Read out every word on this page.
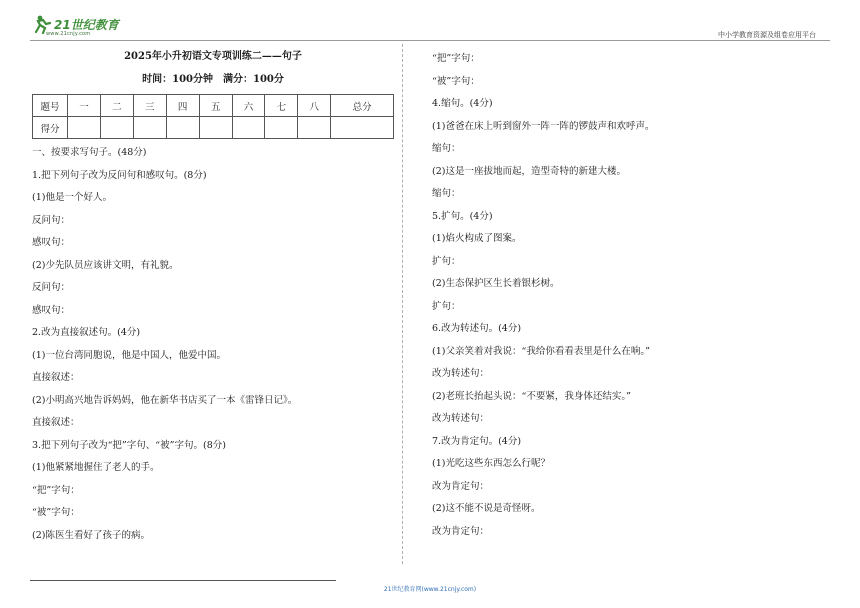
21世纪教育
www.21cnjy.com	中小学教育资源及组卷应用平台
2025年小升初语文专项训练二——句子
时间：100分钟　满分：100分
题号	一	二	三	四	五	六	七	八	总分
得分									
一、按要求写句子。(48分)
1.把下列句子改为反问句和感叹句。(8分)
(1)他是一个好人。
反问句：
感叹句：
(2)少先队员应该讲文明，有礼貌。
反问句：
感叹句：
2.改为直接叙述句。(4分)
(1)一位台湾同胞说，他是中国人，他爱中国。
直接叙述：
(2)小明高兴地告诉妈妈，他在新华书店买了一本《雷锋日记》。
直接叙述：
3.把下列句子改为“把”字句、“被”字句。(8分)
(1)他紧紧地握住了老人的手。
“把”字句：
“被”字句：
(2)陈医生看好了孩子的病。
“把”字句：
“被”字句：
4.缩句。(4分)
(1)爸爸在床上听到窗外一阵一阵的锣鼓声和欢呼声。
缩句：
(2)这是一座拔地而起，造型奇特的新建大楼。
缩句：
5.扩句。(4分)
(1)焰火构成了图案。
扩句：
(2)生态保护区生长着银杉树。
扩句：
6.改为转述句。(4分)
(1)父亲笑着对我说：“我给你看看表里是什么在响。”
改为转述句：
(2)老班长抬起头说：“不要紧，我身体还结实。”
改为转述句：
7.改为肯定句。(4分)
(1)光吃这些东西怎么行呢？
改为肯定句：
(2)这不能不说是奇怪呀。
改为肯定句：
21世纪教育网(www.21cnjy.com)
